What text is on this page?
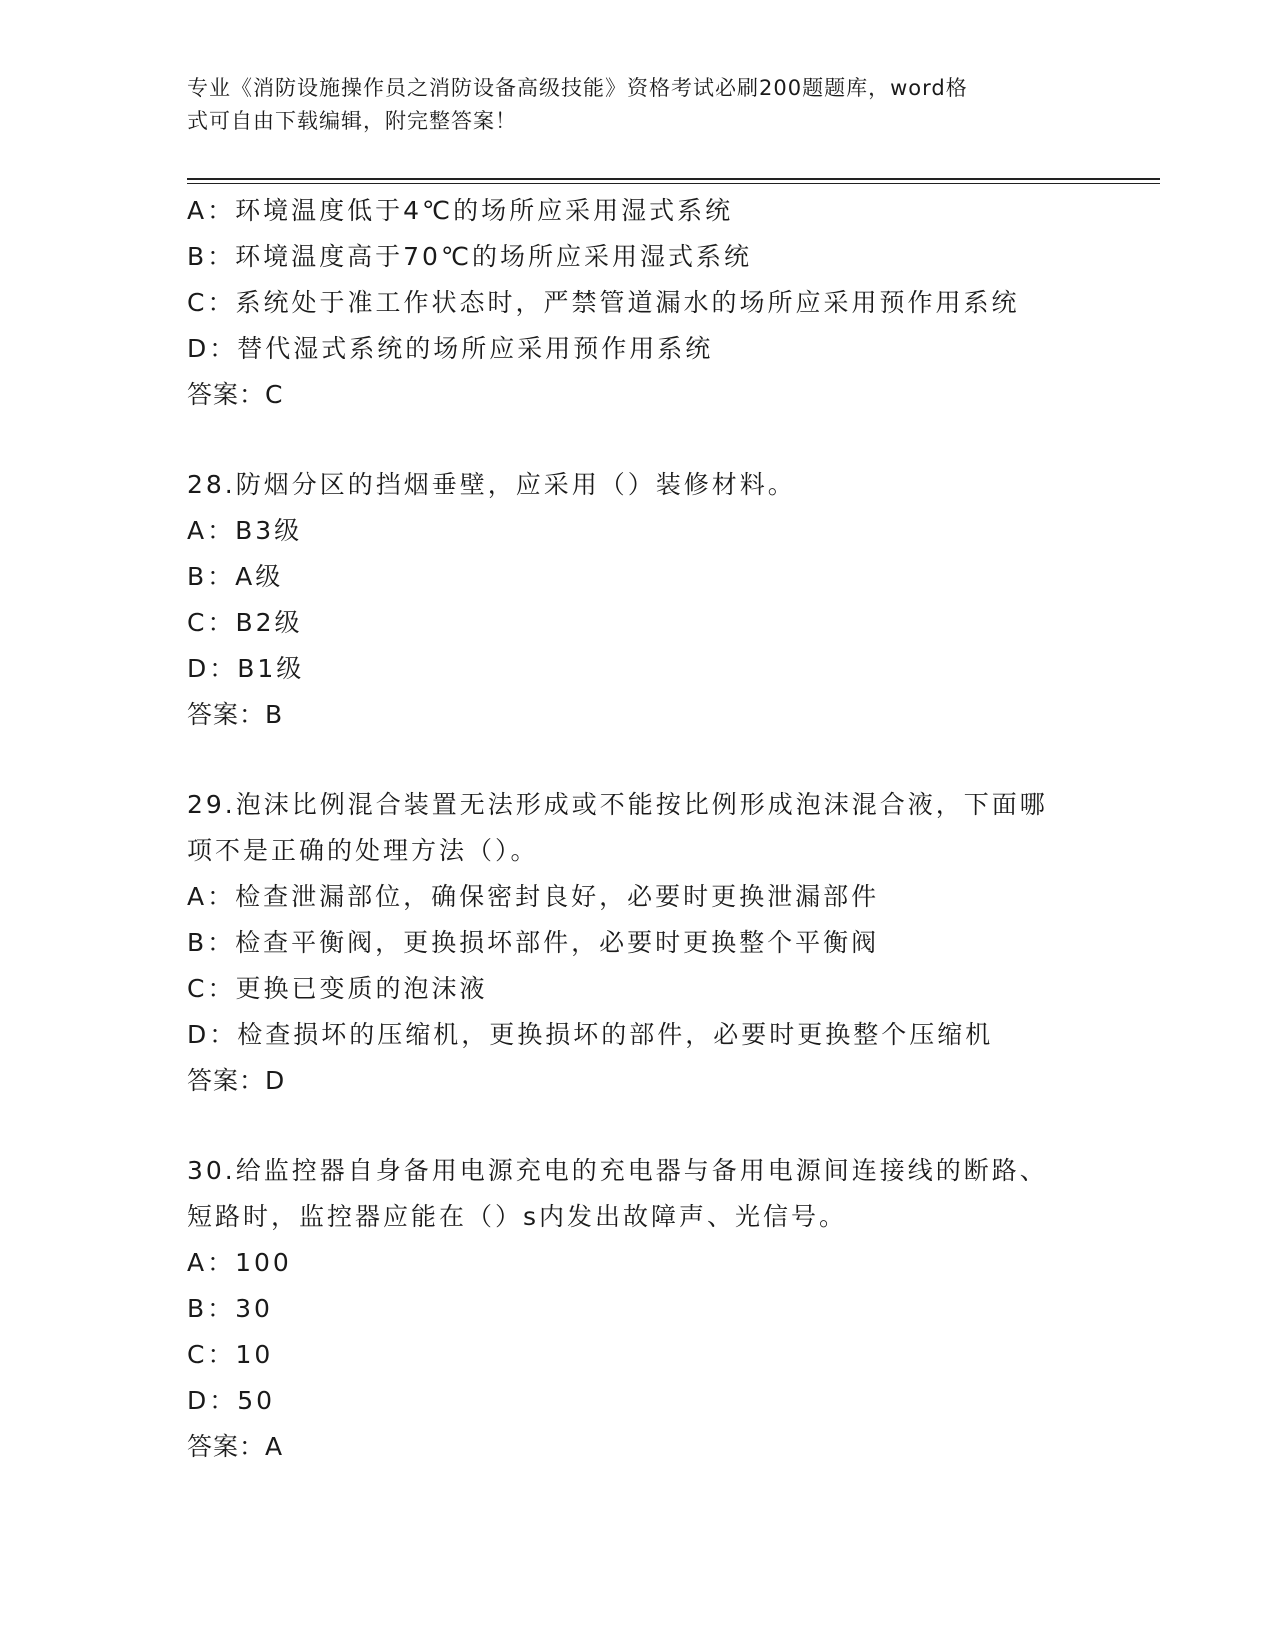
专业《消防设施操作员之消防设备高级技能》资格考试必刷200题题库，word格
式可自由下载编辑，附完整答案！
A：环境温度低于4℃的场所应采用湿式系统
B：环境温度高于70℃的场所应采用湿式系统
C：系统处于准工作状态时，严禁管道漏水的场所应采用预作用系统
D：替代湿式系统的场所应采用预作用系统
答案：C
28.防烟分区的挡烟垂壁，应采用（）装修材料。
A：B3级
B：A级
C：B2级
D：B1级
答案：B
29.泡沫比例混合装置无法形成或不能按比例形成泡沫混合液，下面哪
项不是正确的处理方法（）。
A：检查泄漏部位，确保密封良好，必要时更换泄漏部件
B：检查平衡阀，更换损坏部件，必要时更换整个平衡阀
C：更换已变质的泡沫液
D：检查损坏的压缩机，更换损坏的部件，必要时更换整个压缩机
答案：D
30.给监控器自身备用电源充电的充电器与备用电源间连接线的断路、
短路时，监控器应能在（）s内发出故障声、光信号。
A：100
B：30
C：10
D：50
答案：A
